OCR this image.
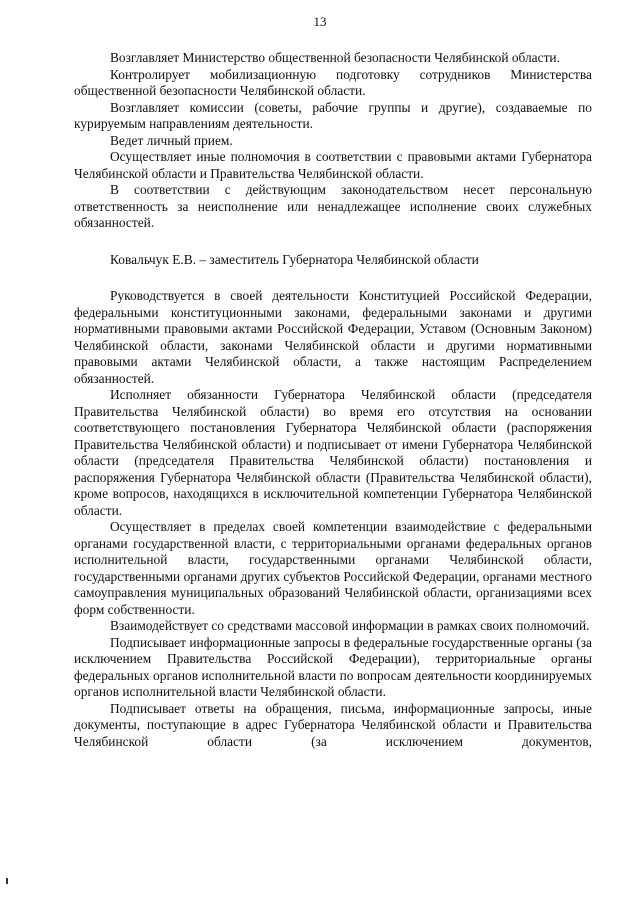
13

Возглавляет Министерство общественной безопасности Челябинской области.

Контролирует мобилизационную подготовку сотрудников Министерства общественной безопасности Челябинской области.

Возглавляет комиссии (советы, рабочие группы и другие), создаваемые по курируемым направлениям деятельности.

Ведет личный прием.

Осуществляет иные полномочия в соответствии с правовыми актами Губернатора Челябинской области и Правительства Челябинской области.

В соответствии с действующим законодательством несет персональную ответственность за неисполнение или ненадлежащее исполнение своих служебных обязанностей.

Ковальчук Е.В. – заместитель Губернатора Челябинской области

Руководствуется в своей деятельности Конституцией Российской Федерации, федеральными конституционными законами, федеральными законами и другими нормативными правовыми актами Российской Федерации, Уставом (Основным Законом) Челябинской области, законами Челябинской области и другими нормативными правовыми актами Челябинской области, а также настоящим Распределением обязанностей.

Исполняет обязанности Губернатора Челябинской области (председателя Правительства Челябинской области) во время его отсутствия на основании соответствующего постановления Губернатора Челябинской области (распоряжения Правительства Челябинской области) и подписывает от имени Губернатора Челябинской области (председателя Правительства Челябинской области) постановления и распоряжения Губернатора Челябинской области (Правительства Челябинской области), кроме вопросов, находящихся в исключительной компетенции Губернатора Челябинской области.

Осуществляет в пределах своей компетенции взаимодействие с федеральными органами государственной власти, с территориальными органами федеральных органов исполнительной власти, государственными органами Челябинской области, государственными органами других субъектов Российской Федерации, органами местного самоуправления муниципальных образований Челябинской области, организациями всех форм собственности.

Взаимодействует со средствами массовой информации в рамках своих полномочий.

Подписывает информационные запросы в федеральные государственные органы (за исключением Правительства Российской Федерации), территориальные органы федеральных органов исполнительной власти по вопросам деятельности координируемых органов исполнительной власти Челябинской области.

Подписывает ответы на обращения, письма, информационные запросы, иные документы, поступающие в адрес Губернатора Челябинской области и Правительства Челябинской области (за исключением документов,
